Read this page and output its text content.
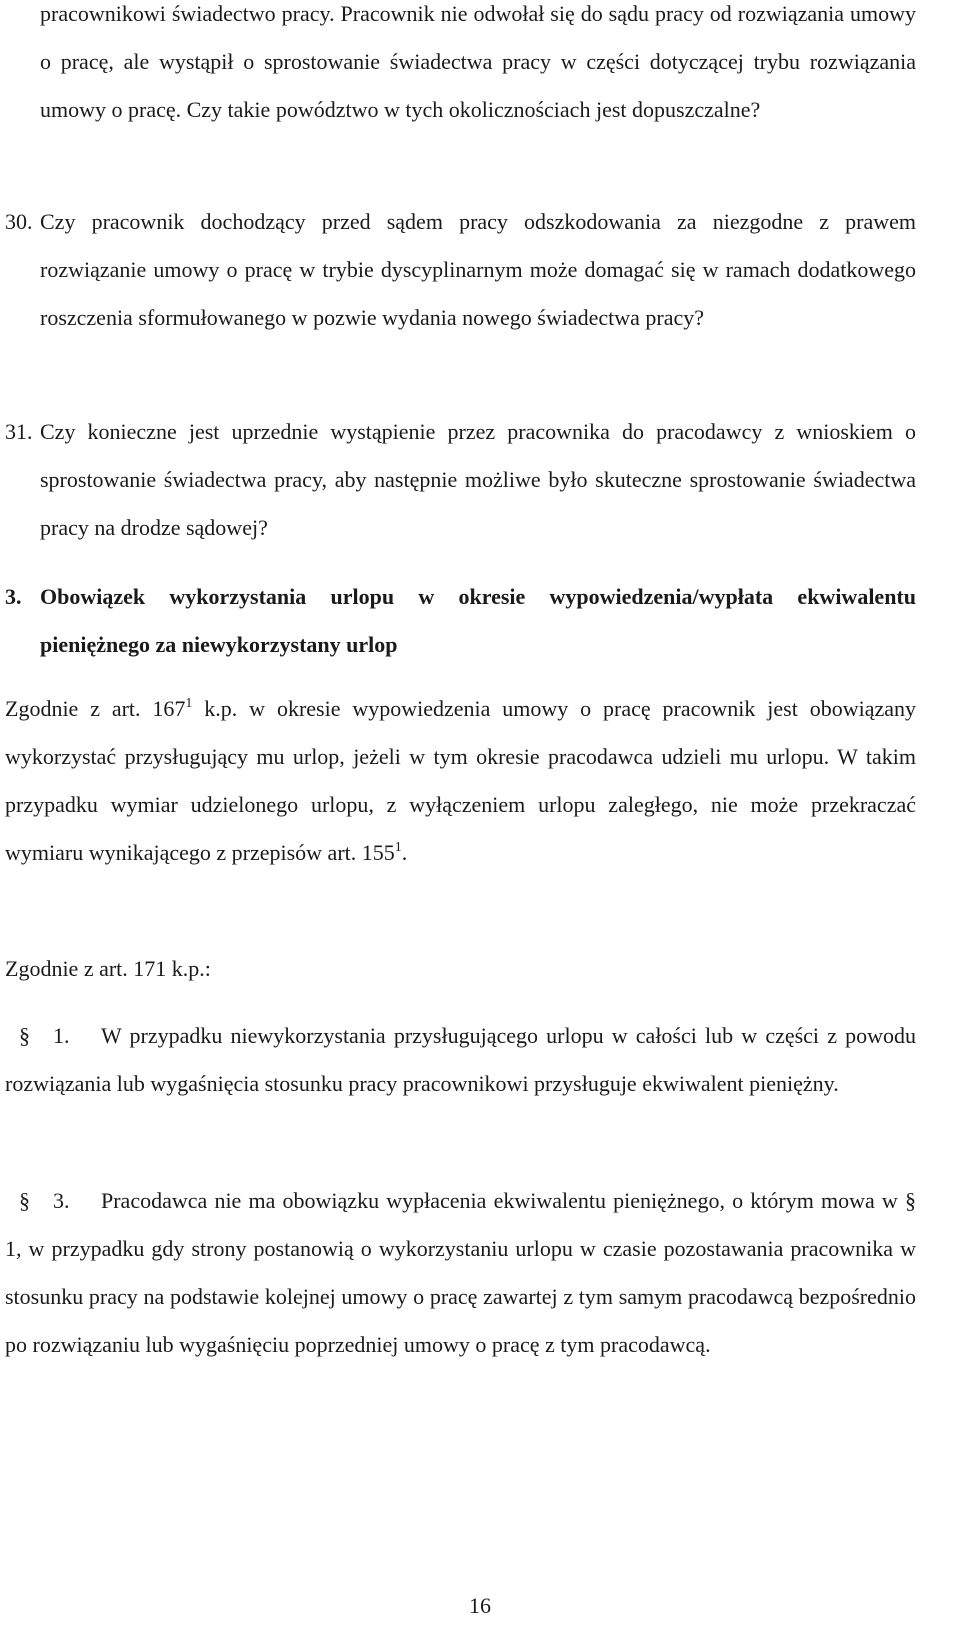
pracownikowi świadectwo pracy. Pracownik nie odwołał się do sądu pracy od rozwiązania umowy o pracę, ale wystąpił o sprostowanie świadectwa pracy w części dotyczącej trybu rozwiązania umowy o pracę. Czy takie powództwo w tych okolicznościach jest dopuszczalne?

30. Czy pracownik dochodzący przed sądem pracy odszkodowania za niezgodne z prawem rozwiązanie umowy o pracę w trybie dyscyplinarnym może domagać się w ramach dodatkowego roszczenia sformułowanego w pozwie wydania nowego świadectwa pracy?

31. Czy konieczne jest uprzednie wystąpienie przez pracownika do pracodawcy z wnioskiem o sprostowanie świadectwa pracy, aby następnie możliwe było skuteczne sprostowanie świadectwa pracy na drodze sądowej?

3. Obowiązek wykorzystania urlopu w okresie wypowiedzenia/wypłata ekwiwalentu pieniężnego za niewykorzystany urlop

Zgodnie z art. $167^1$ k.p. w okresie wypowiedzenia umowy o pracę pracownik jest obowiązany wykorzystać przysługujący mu urlop, jeżeli w tym okresie pracodawca udzieli mu urlopu. W takim przypadku wymiar udzielonego urlopu, z wyłączeniem urlopu zaległego, nie może przekraczać wymiaru wynikającego z przepisów art. $155^1$.

Zgodnie z art. 171 k.p.:

§ 1. W przypadku niewykorzystania przysługującego urlopu w całości lub w części z powodu rozwiązania lub wygaśnięcia stosunku pracy pracownikowi przysługuje ekwiwalent pieniężny.

§ 3. Pracodawca nie ma obowiązku wypłacenia ekwiwalentu pieniężnego, o którym mowa w § 1, w przypadku gdy strony postanowią o wykorzystaniu urlopu w czasie pozostawania pracownika w stosunku pracy na podstawie kolejnej umowy o pracę zawartej z tym samym pracodawcą bezpośrednio po rozwiązaniu lub wygaśnięciu poprzedniej umowy o pracę z tym pracodawcą.

16
